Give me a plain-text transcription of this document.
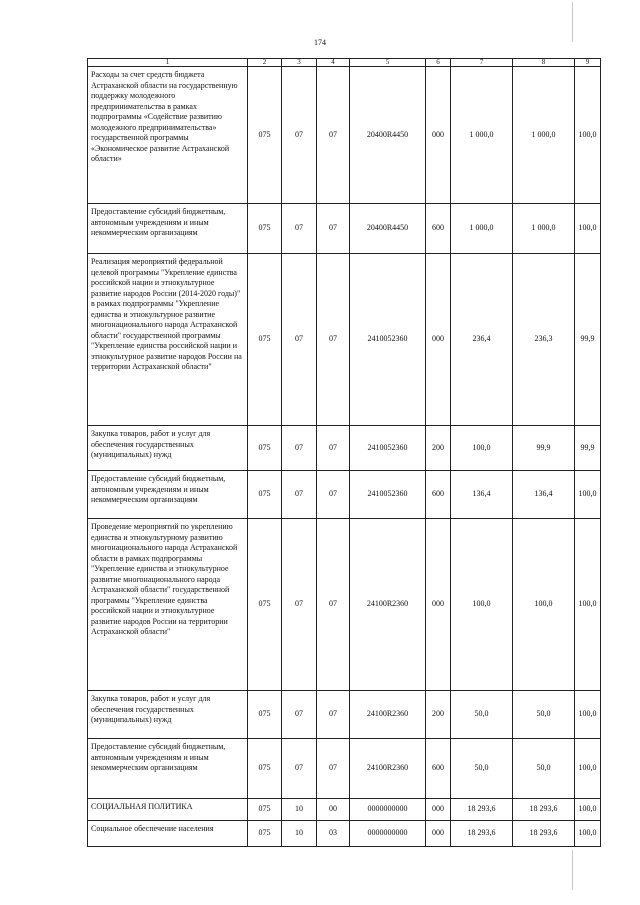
174
1	2	3	4	5	6	7	8	9
Расходы за счет средств бюджета Астраханской области на государственную поддержку молодежного предпринимательства в рамках подпрограммы «Содействие развитию молодежного предпринимательства» государственной программы «Экономическое развитие Астраханской области»	075	07	07	20400R4450	000	1 000,0	1 000,0	100,0
Предоставление субсидий бюджетным, автономным учреждениям и иным некоммерческим организациям	075	07	07	20400R4450	600	1 000,0	1 000,0	100,0
Реализация мероприятий федеральной целевой программы "Укрепление единства российской нации и этнокультурное развитие народов России (2014-2020 годы)" в рамках подпрограммы "Укрепление единства и этнокультурное развитие многонационального народа Астраханской области" государственной программы "Укрепление единства российской нации и этнокультурное развитие народов России на территории Астраханской области"	075	07	07	2410052360	000	236,4	236,3	99,9
Закупка товаров, работ и услуг для обеспечения государственных (муниципальных) нужд	075	07	07	2410052360	200	100,0	99,9	99,9
Предоставление субсидий бюджетным, автономным учреждениям и иным некоммерческим организациям	075	07	07	2410052360	600	136,4	136,4	100,0
Проведение мероприятий по укреплению единства и этнокультурному развитию многонационального народа Астраханской области в рамках подпрограммы "Укрепление единства и этнокультурное развитие многонационального народа Астраханской области" государственной программы "Укрепление единства российской нации и этнокультурное развитие народов России на территории Астраханской области"	075	07	07	24100R2360	000	100,0	100,0	100,0
Закупка товаров, работ и услуг для обеспечения государственных (муниципальных) нужд	075	07	07	24100R2360	200	50,0	50,0	100,0
Предоставление субсидий бюджетным, автономным учреждениям и иным некоммерческим организациям	075	07	07	24100R2360	600	50,0	50,0	100,0
СОЦИАЛЬНАЯ ПОЛИТИКА	075	10	00	0000000000	000	18 293,6	18 293,6	100,0
Социальное обеспечение населения	075	10	03	0000000000	000	18 293,6	18 293,6	100,0
